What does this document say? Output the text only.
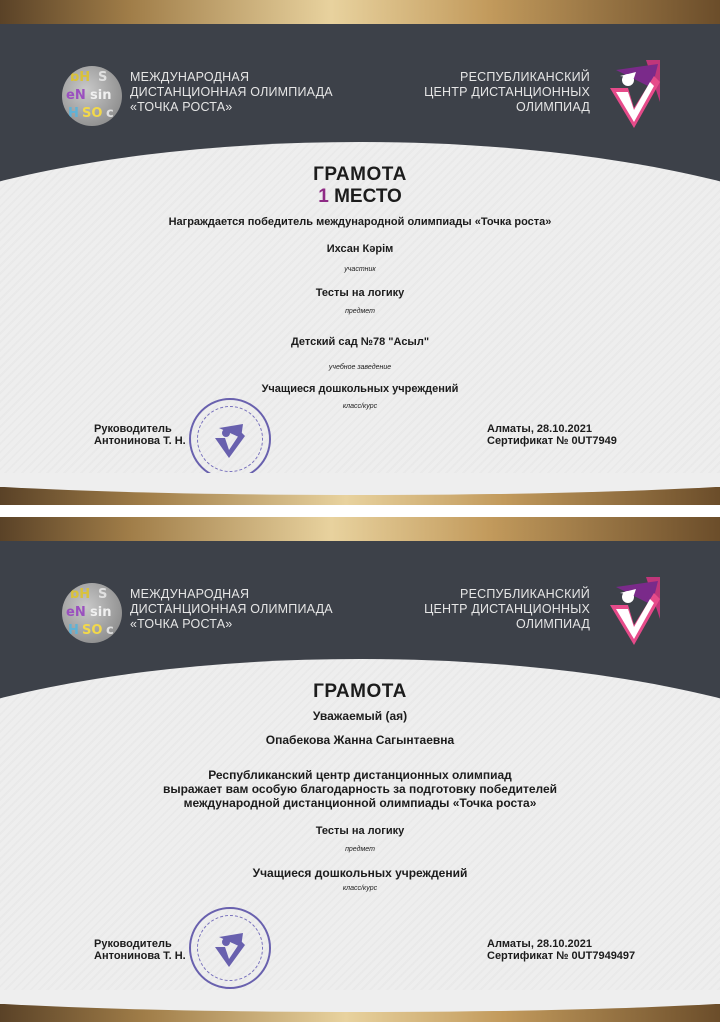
bH S
eN sin
H SO c
МЕЖДУНАРОДНАЯ
ДИСТАНЦИОННАЯ ОЛИМПИАДА
«ТОЧКА РОСТА»
РЕСПУБЛИКАНСКИЙ
ЦЕНТР ДИСТАНЦИОННЫХ
ОЛИМПИАД
ГРАМОТА
1 МЕСТО
Награждается победитель международной олимпиады «Точка роста»
Ихсан Кәрім
участник
Тесты на логику
предмет
Детский сад №78 "Асыл"
учебное заведение
Учащиеся дошкольных учреждений
класс/курс
Руководитель
Антонинова Т. Н.
Алматы, 28.10.2021
Сертификат № 0UT7949
bH S
eN sin
H SO c
МЕЖДУНАРОДНАЯ
ДИСТАНЦИОННАЯ ОЛИМПИАДА
«ТОЧКА РОСТА»
РЕСПУБЛИКАНСКИЙ
ЦЕНТР ДИСТАНЦИОННЫХ
ОЛИМПИАД
ГРАМОТА
Уважаемый (ая)
Опабекова Жанна Сагынтаевна
Республиканский центр дистанционных олимпиад
выражает вам особую благодарность за подготовку победителей
международной дистанционной олимпиады «Точка роста»
Тесты на логику
предмет
Учащиеся дошкольных учреждений
класс/курс
Руководитель
Антонинова Т. Н.
Алматы, 28.10.2021
Сертификат № 0UT7949497
